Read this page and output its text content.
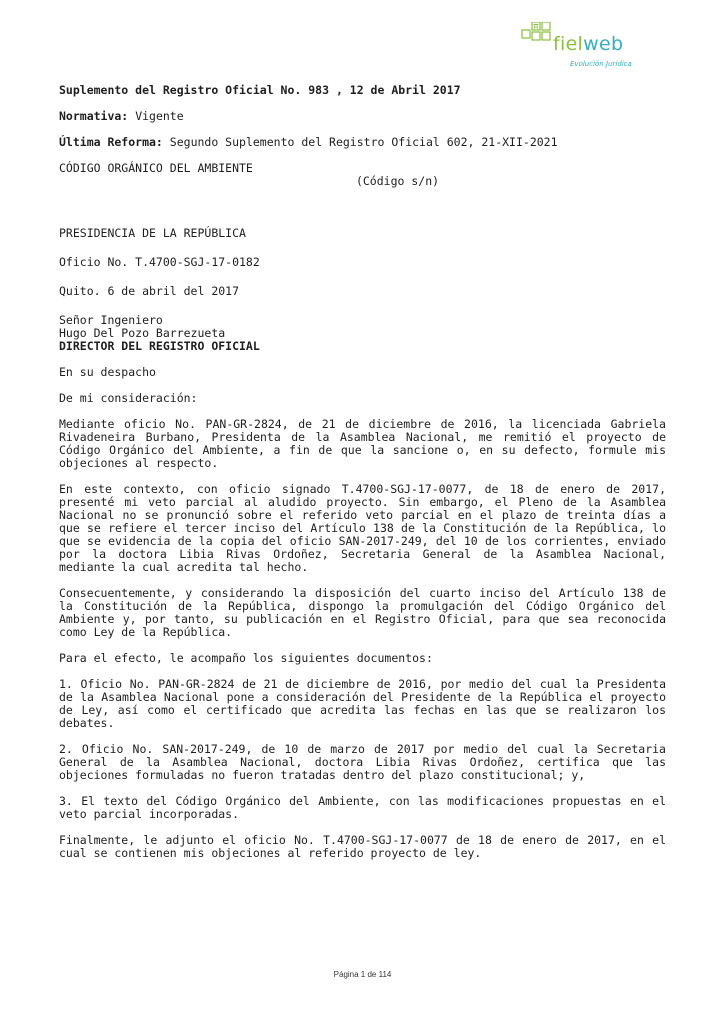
fielweb
Evolución Jurídica

Suplemento del Registro Oficial No. 983 , 12 de Abril 2017

Normativa: Vigente

Última Reforma: Segundo Suplemento del Registro Oficial 602, 21-XII-2021

CÓDIGO ORGÁNICO DEL AMBIENTE

(Código s/n)

PRESIDENCIA DE LA REPÚBLICA

Oficio No. T.4700-SGJ-17-0182

Quito. 6 de abril del 2017

Señor Ingeniero

Hugo Del Pozo Barrezueta

DIRECTOR DEL REGISTRO OFICIAL

En su despacho

De mi consideración:

Mediante oficio No. PAN-GR-2824, de 21 de diciembre de 2016, la licenciada Gabriela Rivadeneira Burbano, Presidenta de la Asamblea Nacional, me remitió el proyecto de Código Orgánico del Ambiente, a fin de que la sancione o, en su defecto, formule mis objeciones al respecto.

En este contexto, con oficio signado T.4700-SGJ-17-0077, de 18 de enero de 2017, presenté mi veto parcial al aludido proyecto. Sin embargo, el Pleno de la Asamblea Nacional no se pronunció sobre el referido veto parcial en el plazo de treinta días a que se refiere el tercer inciso del Artículo 138 de la Constitución de la República, lo que se evidencia de la copia del oficio SAN-2017-249, del 10 de los corrientes, enviado por la doctora Libia Rivas Ordoñez, Secretaria General de la Asamblea Nacional, mediante la cual acredita tal hecho.

Consecuentemente, y considerando la disposición del cuarto inciso del Artículo 138 de la Constitución de la República, dispongo la promulgación del Código Orgánico del Ambiente y, por tanto, su publicación en el Registro Oficial, para que sea reconocida como Ley de la República.

Para el efecto, le acompaño los siguientes documentos:

1. Oficio No. PAN-GR-2824 de 21 de diciembre de 2016, por medio del cual la Presidenta de la Asamblea Nacional pone a consideración del Presidente de la República el proyecto de Ley, así como el certificado que acredita las fechas en las que se realizaron los debates.

2. Oficio No. SAN-2017-249, de 10 de marzo de 2017 por medio del cual la Secretaria General de la Asamblea Nacional, doctora Libia Rivas Ordoñez, certifica que las objeciones formuladas no fueron tratadas dentro del plazo constitucional; y,

3. El texto del Código Orgánico del Ambiente, con las modificaciones propuestas en el veto parcial incorporadas.

Finalmente, le adjunto el oficio No. T.4700-SGJ-17-0077 de 18 de enero de 2017, en el cual se contienen mis objeciones al referido proyecto de ley.

Página 1 de 114
